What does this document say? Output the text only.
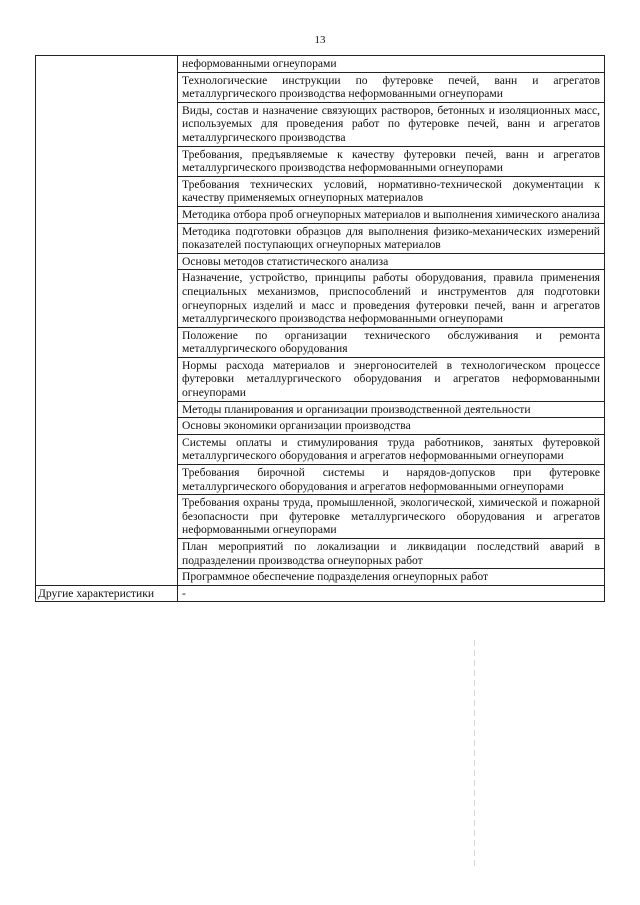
13

	неформованными огнеупорами

	Технологические инструкции по футеровке печей, ванн и агрегатов металлургического производства неформованными огнеупорами

	Виды, состав и назначение связующих растворов, бетонных и изоляционных масс, используемых для проведения работ по футеровке печей, ванн и агрегатов металлургического производства

	Требования, предъявляемые к качеству футеровки печей, ванн и агрегатов металлургического производства неформованными огнеупорами

	Требования технических условий, нормативно-технической документации к качеству применяемых огнеупорных материалов

	Методика отбора проб огнеупорных материалов и выполнения химического анализа

	Методика подготовки образцов для выполнения физико-механических измерений показателей поступающих огнеупорных материалов

	Основы методов статистического анализа

	Назначение, устройство, принципы работы оборудования, правила применения специальных механизмов, приспособлений и инструментов для подготовки огнеупорных изделий и масс и проведения футеровки печей, ванн и агрегатов металлургического производства неформованными огнеупорами

	Положение по организации технического обслуживания и ремонта металлургического оборудования

	Нормы расхода материалов и энергоносителей в технологическом процессе футеровки металлургического оборудования и агрегатов неформованными огнеупорами

	Методы планирования и организации производственной деятельности

	Основы экономики организации производства

	Системы оплаты и стимулирования труда работников, занятых футеровкой металлургического оборудования и агрегатов неформованными огнеупорами

	Требования бирочной системы и нарядов-допусков при футеровке металлургического оборудования и агрегатов неформованными огнеупорами

	Требования охраны труда, промышленной, экологической, химической и пожарной безопасности при футеровке металлургического оборудования и агрегатов неформованными огнеупорами

	План мероприятий по локализации и ликвидации последствий аварий в подразделении производства огнеупорных работ

	Программное обеспечение подразделения огнеупорных работ

Другие характеристики	-
